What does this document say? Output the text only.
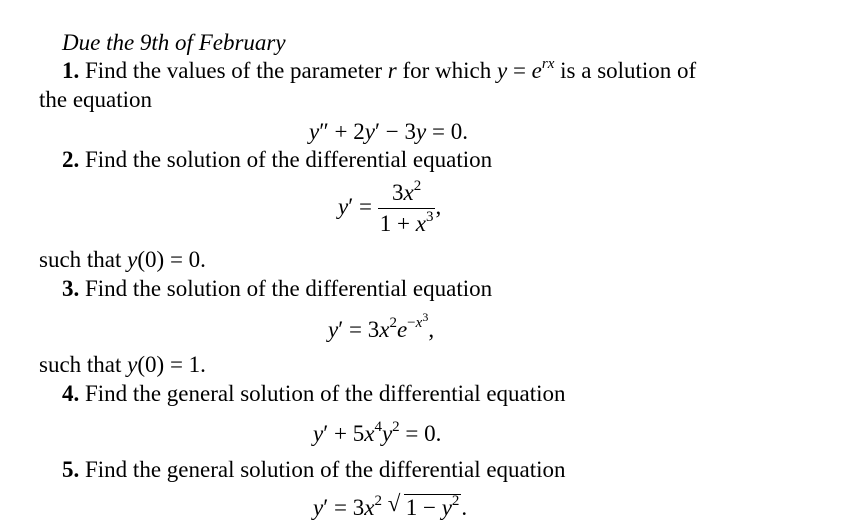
Due the 9th of February
1. Find the values of the parameter r for which $y = e^{rx}$ is a solution of
the equation
y″ + 2y′ − 3y = 0.
2. Find the solution of the differential equation
$y' = \frac{3x^2}{1 + x^3}$ ,
such that y(0) = 0.
3. Find the solution of the differential equation
$y' = 3x^2e^{-x^3}$,
such that y(0) = 1.
4. Find the general solution of the differential equation
$y' + 5x^4y^2 = 0$.
5. Find the general solution of the differential equation
$y' = 3x^2$ √ $1 - y^2$.
